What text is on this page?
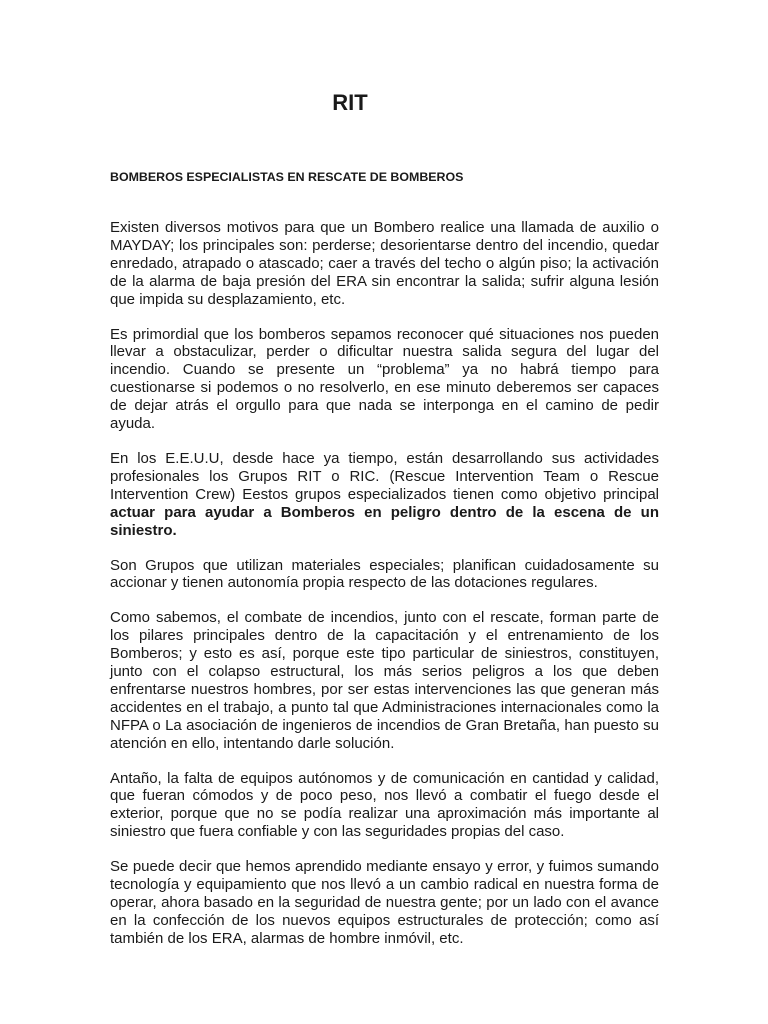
RIT
BOMBEROS ESPECIALISTAS EN RESCATE DE BOMBEROS

Existen diversos motivos para que un Bombero realice una llamada de auxilio o MAYDAY; los principales son: perderse; desorientarse dentro del incendio, quedar enredado, atrapado o atascado; caer a través del techo o algún piso; la activación de la alarma de baja presión del ERA sin encontrar la salida; sufrir alguna lesión que impida su desplazamiento, etc.

Es primordial que los bomberos sepamos reconocer qué situaciones nos pueden llevar a obstaculizar, perder o dificultar nuestra salida segura del lugar del incendio. Cuando se presente un “problema” ya no habrá tiempo para cuestionarse si podemos o no resolverlo, en ese minuto deberemos ser capaces de dejar atrás el orgullo para que nada se interponga en el camino de pedir ayuda.

En los E.E.U.U, desde hace ya tiempo, están desarrollando sus actividades profesionales los Grupos RIT o RIC. (Rescue Intervention Team o Rescue Intervention Crew) Eestos grupos especializados tienen como objetivo principal actuar para ayudar a Bomberos en peligro dentro de la escena de un siniestro.

Son Grupos que utilizan materiales especiales; planifican cuidadosamente su accionar y tienen autonomía propia respecto de las dotaciones regulares.

Como sabemos, el combate de incendios, junto con el rescate, forman parte de los pilares principales dentro de la capacitación y el entrenamiento de los Bomberos; y esto es así, porque este tipo particular de siniestros, constituyen, junto con el colapso estructural, los más serios peligros a los que deben enfrentarse nuestros hombres, por ser estas intervenciones las que generan más accidentes en el trabajo, a punto tal que Administraciones internacionales como la NFPA o La asociación de ingenieros de incendios de Gran Bretaña, han puesto su atención en ello, intentando darle solución.

Antaño, la falta de equipos autónomos y de comunicación en cantidad y calidad, que fueran cómodos y de poco peso, nos llevó a combatir el fuego desde el exterior, porque que no se podía realizar una aproximación más importante al siniestro que fuera confiable y con las seguridades propias del caso.

Se puede decir que hemos aprendido mediante ensayo y error, y fuimos sumando tecnología y equipamiento que nos llevó a un cambio radical en nuestra forma de operar, ahora basado en la seguridad de nuestra gente; por un lado con el avance en la confección de los nuevos equipos estructurales de protección; como así también de los ERA, alarmas de hombre inmóvil, etc.
